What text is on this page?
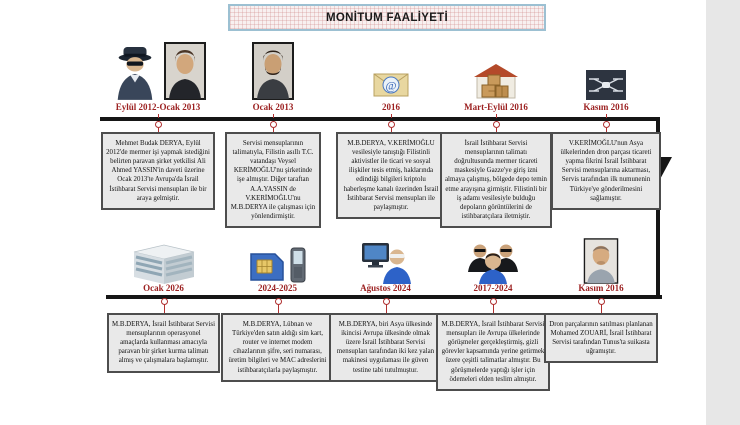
MONİTUM FAALİYETİ
Eylül 2012-Ocak 2013
Mehmet Budak DERYA, Eylül 2012'de mermer işi yapmak istediğini belirten paravan şirket yetkilisi Ali Ahmed YASSIN'in daveti üzerine Ocak 2013'te Avrupa'da İsrail İstihbarat Servisi mensupları ile bir araya gelmiştir.
Ocak 2013
Servisi mensuplarının talimatıyla, Filistin asıllı T.C. vatandaşı Veysel KERİMOĞLU'nu şirketinde işe almıştır. Diğer taraftan A.A.YASSIN de V.KERİMOĞLU'nu M.B.DERYA ile çalışması için yönlendirmiştir.
@
2016
M.B.DERYA, V.KERİMOĞLU vesilesiyle tanıştığı Filistinli aktivistler ile ticari ve sosyal ilişkiler tesis etmiş, haklarında edindiği bilgileri kriptolu haberleşme kanalı üzerinden İsrail İstihbarat Servisi mensupları ile paylaşmıştır.
Mart-Eylül 2016
İsrail İstihbarat Servisi mensuplarının talimatı doğrultusunda mermer ticareti maskesiyle Gazze'ye giriş izni almaya çalışmış, bölgede depo temin etme arayışına girmiştir. Filistinli bir iş adamı vesilesiyle bulduğu depoların görüntülerini de istihbaratçılara iletmiştir.
Kasım 2016
V.KERİMOĞLU'nun Asya ülkelerinden dron parçası ticareti yapma fikrini İsrail İstihbarat Servisi mensuplarına aktarması, Servis tarafından ilk numunenin Türkiye'ye gönderilmesini sağlamıştır.
Ocak 2026
M.B.DERYA, İsrail İstihbarat Servisi mensuplarının operasyonel amaçlarda kullanması amacıyla paravan bir şirket kurma talimatı almış ve çalışmalara başlamıştır.
2024-2025
M.B.DERYA, Lübnan ve Türkiye'den satın aldığı sim kart, router ve internet modem cihazlarının şifre, seri numarası, üretim bilgileri ve MAC adreslerini istihbaratçılarla paylaşmıştır.
Ağustos 2024
M.B.DERYA, biri Asya ülkesinde ikincisi Avrupa ülkesinde olmak üzere İsrail İstihbarat Servisi mensupları tarafından iki kez yalan makinesi uygulaması ile güven testine tabi tutulmuştur.
2017-2024
M.B.DERYA, İsrail İstihbarat Servisi mensupları ile Avrupa ülkelerinde görüşmeler gerçekleştirmiş, gizli görevler kapsamında yerine getirmek üzere çeşitli talimatlar almıştır. Bu görüşmelerde yaptığı işler için ödemeleri elden teslim almıştır.
Kasım 2016
Dron parçalarının satılması planlanan Mohamed ZOUARİ, İsrail İstihbarat Servisi tarafından Tunus'ta suikasta uğramıştır.
